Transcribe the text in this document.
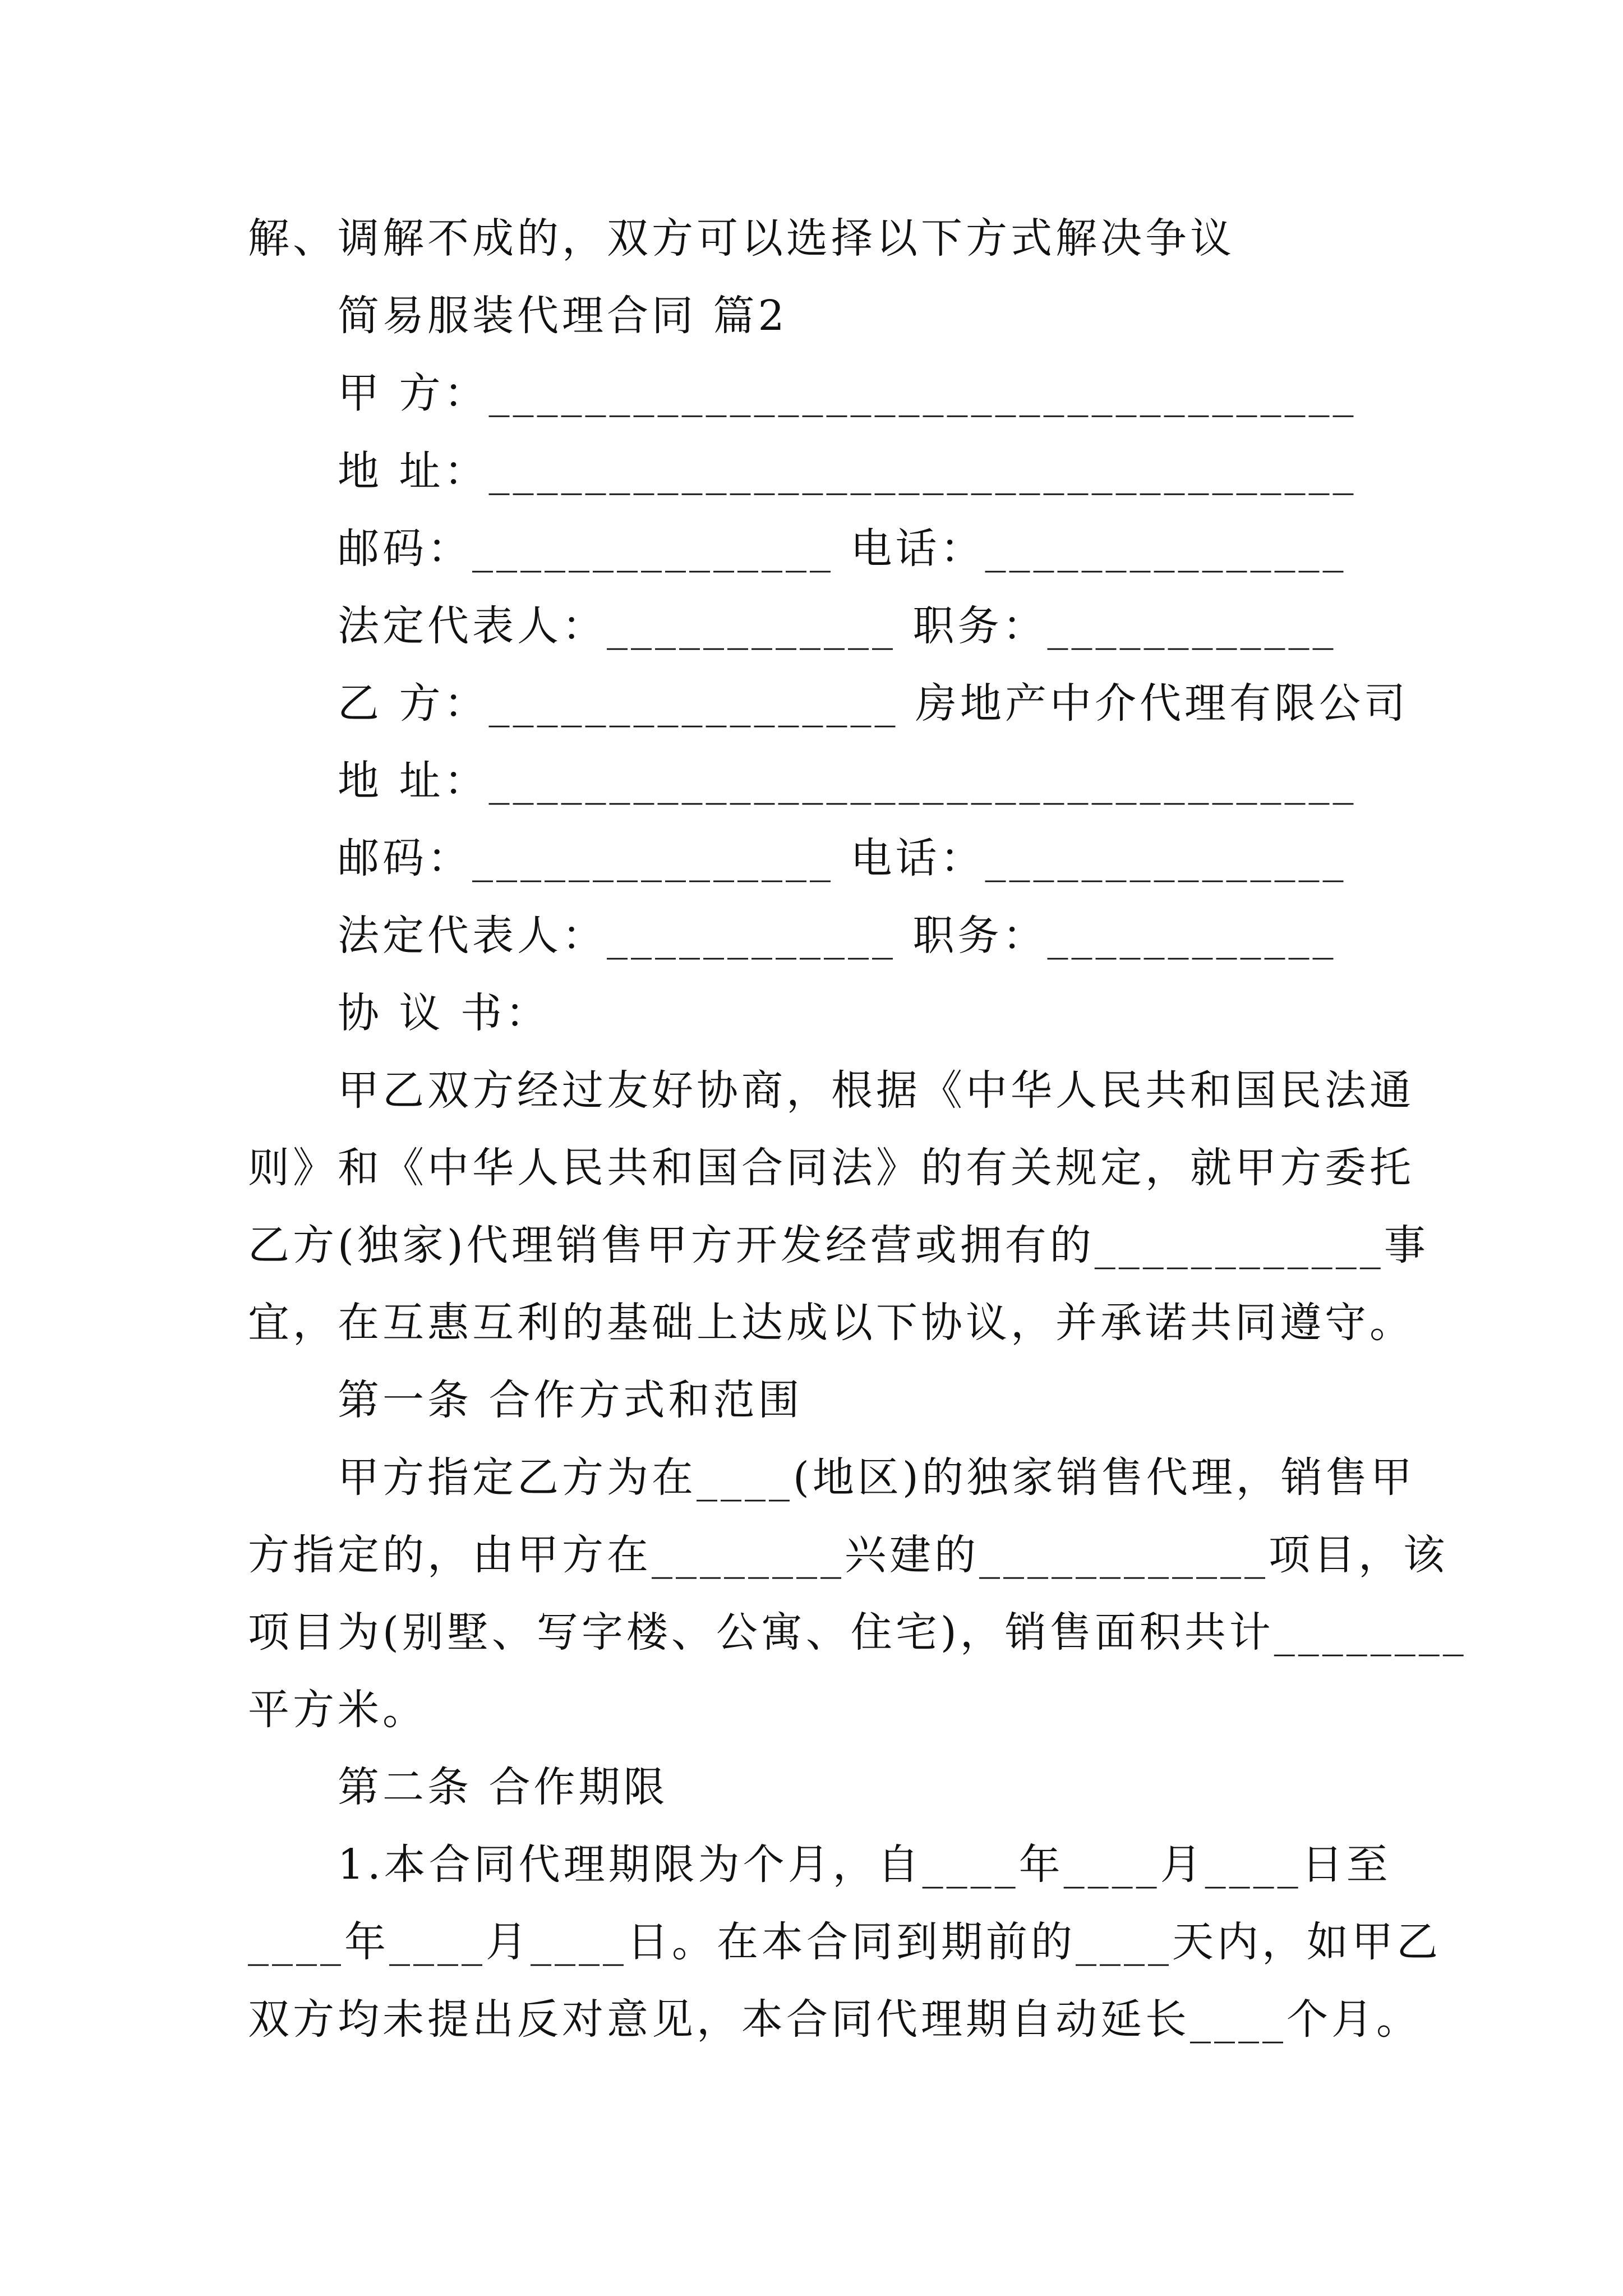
解、调解不成的，双方可以选择以下方式解决争议
简易服装代理合同 篇2
甲 方：____________________________________
地 址：____________________________________
邮码：_______________ 电话：_______________
法定代表人：____________ 职务：____________
乙 方：_________________ 房地产中介代理有限公司
地 址：____________________________________
邮码：_______________ 电话：_______________
法定代表人：____________ 职务：____________
协 议 书：
甲乙双方经过友好协商，根据《中华人民共和国民法通
则》和《中华人民共和国合同法》的有关规定，就甲方委托
乙方(独家)代理销售甲方开发经营或拥有的____________事
宜，在互惠互利的基础上达成以下协议，并承诺共同遵守。
第一条 合作方式和范围
甲方指定乙方为在____(地区)的独家销售代理，销售甲
方指定的，由甲方在________兴建的____________项目，该
项目为(别墅、写字楼、公寓、住宅)，销售面积共计________
平方米。
第二条 合作期限
1.本合同代理期限为个月，自____年____月____日至
____年____月____日。在本合同到期前的____天内，如甲乙
双方均未提出反对意见，本合同代理期自动延长____个月。
